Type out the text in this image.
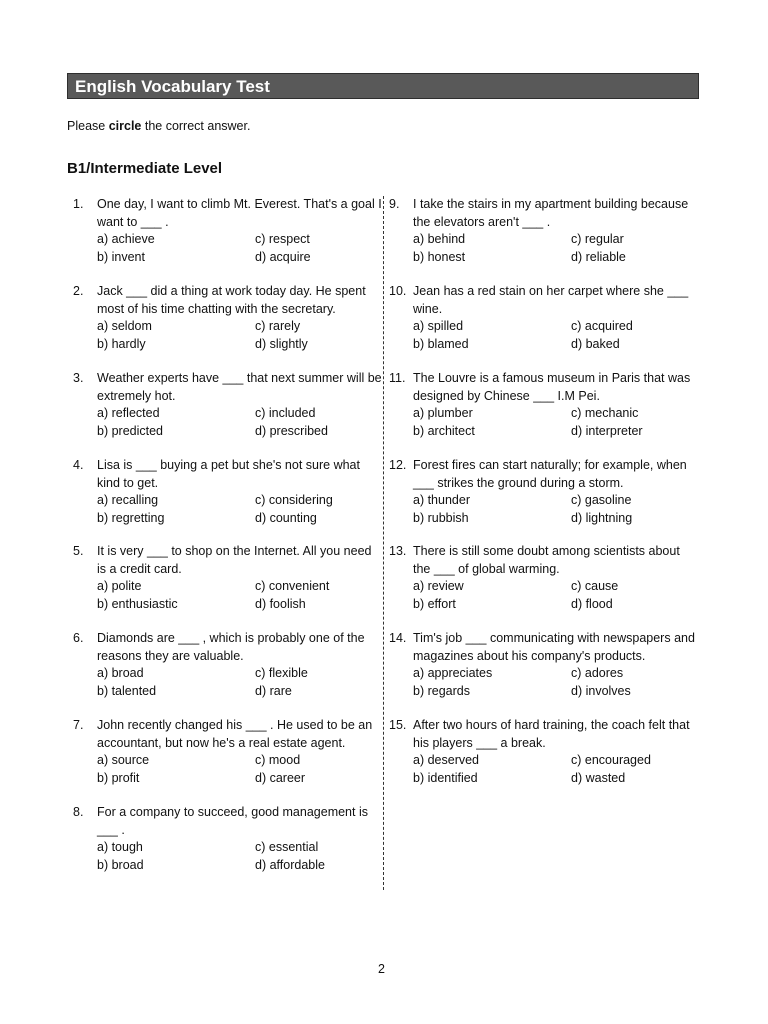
English Vocabulary Test
Please circle the correct answer.
B1/Intermediate Level
1. One day, I want to climb Mt. Everest. That's a goal I want to ___ .
a) achieve	c) respect
b) invent	d) acquire
2. Jack ___ did a thing at work today day. He spent most of his time chatting with the secretary.
a) seldom	c) rarely
b) hardly	d) slightly
3. Weather experts have ___ that next summer will be extremely hot.
a) reflected	c) included
b) predicted	d) prescribed
4. Lisa is ___ buying a pet but she's not sure what kind to get.
a) recalling	c) considering
b) regretting	d) counting
5. It is very ___ to shop on the Internet. All you need is a credit card.
a) polite	c) convenient
b) enthusiastic	d) foolish
6. Diamonds are ___ , which is probably one of the reasons they are valuable.
a) broad	c) flexible
b) talented	d) rare
7. John recently changed his ___ . He used to be an accountant, but now he's a real estate agent.
a) source	c) mood
b) profit	d) career
8. For a company to succeed, good management is ___ .
a) tough	c) essential
b) broad	d) affordable
9. I take the stairs in my apartment building because the elevators aren't ___ .
a) behind	c) regular
b) honest	d) reliable
10. Jean has a red stain on her carpet where she ___ wine.
a) spilled	c) acquired
b) blamed	d) baked
11. The Louvre is a famous museum in Paris that was designed by Chinese ___ I.M Pei.
a) plumber	c) mechanic
b) architect	d) interpreter
12. Forest fires can start naturally; for example, when ___ strikes the ground during a storm.
a) thunder	c) gasoline
b) rubbish	d) lightning
13. There is still some doubt among scientists about the ___ of global warming.
a) review	c) cause
b) effort	d) flood
14. Tim's job ___ communicating with newspapers and magazines about his company's products.
a) appreciates	c) adores
b) regards	d) involves
15. After two hours of hard training, the coach felt that his players ___ a break.
a) deserved	c) encouraged
b) identified	d) wasted
2
